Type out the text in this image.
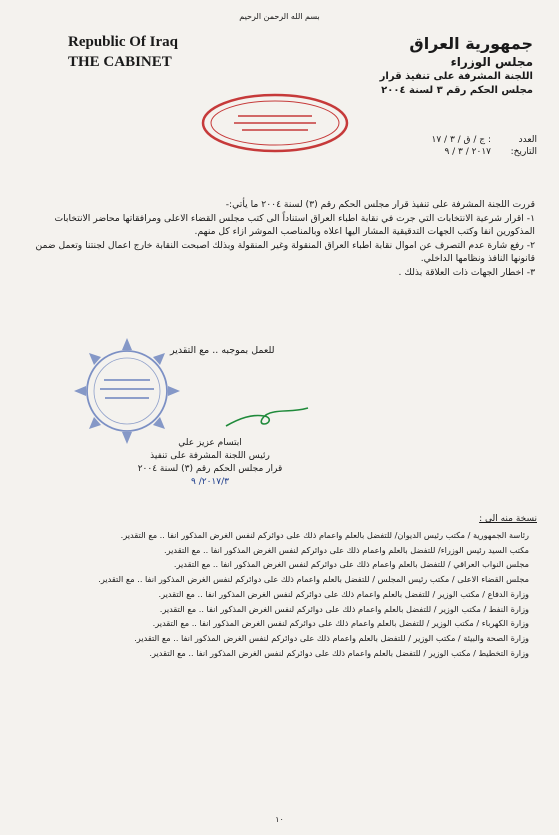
بسم الله الرحمن الرحيم
Republic Of Iraq
THE CABINET
جمهورية العراق
مجلس الوزراء
اللجنة المشرفة على تنفيذ قرار
مجلس الحكم رقم ٣ لسنة ٢٠٠٤
العدد
: ج / ق / ٣ / ١٧
التاريخ:
٢٠١٧ / ٣ / ٩

قررت اللجنة المشرفة على تنفيذ قرار مجلس الحكم رقم (٣) لسنة ٢٠٠٤ ما يأتي:-

١- اقرار شرعية الانتخابات التي جرت في نقابة اطباء العراق استناداً الى كتب مجلس القضاء الاعلى ومرافقاتها محاضر الانتخابات المذكورين انفا وكتب الجهات التدقيقية المشار اليها اعلاه وبالمناصب الموشر ازاء كل منهم.

٢- رفع شارة عدم التصرف عن اموال نقابة اطباء العراق المنقولة وغير المنقولة وبذلك اصبحت النقابة خارج اعمال لجنتنا وتعمل ضمن قانونها النافذ ونظامها الداخلي.

٣- اخطار الجهات ذات العلاقة بذلك .

للعمل بموجبه .. مع التقدير
ابتسام عزيز علي
رئيس اللجنة المشرفة على تنفيذ
قرار مجلس الحكم رقم (٣) لسنة ٢٠٠٤
٢٠١٧/٣/ ٩
نسخة منه الى :
رئاسة الجمهورية / مكتب رئيس الديوان/ للتفضل بالعلم واعمام ذلك على دوائركم لنفس الغرض المذكور انفا .. مع التقدير.
مكتب السيد رئيس الوزراء/ للتفضل بالعلم واعمام ذلك على دوائركم لنفس الغرض المذكور انفا .. مع التقدير.
مجلس النواب العراقي / للتفضل بالعلم واعمام ذلك على دوائركم لنفس الغرض المذكور انفا .. مع التقدير.
مجلس القضاء الاعلى / مكتب رئيس المجلس / للتفضل بالعلم واعمام ذلك على دوائركم لنفس الغرض المذكور انفا .. مع التقدير.
وزارة الدفاع / مكتب الوزير / للتفضل بالعلم واعمام ذلك على دوائركم لنفس الغرض المذكور انفا .. مع التقدير.
وزارة النفط / مكتب الوزير / للتفضل بالعلم واعمام ذلك على دوائركم لنفس الغرض المذكور انفا .. مع التقدير.
وزارة الكهرباء / مكتب الوزير / للتفضل بالعلم واعمام ذلك على دوائركم لنفس الغرض المذكور انفا .. مع التقدير.
وزارة الصحة والبيئة / مكتب الوزير / للتفضل بالعلم واعمام ذلك على دوائركم لنفس الغرض المذكور انفا .. مع التقدير.
وزارة التخطيط / مكتب الوزير / للتفضل بالعلم واعمام ذلك على دوائركم لنفس الغرض المذكور انفا .. مع التقدير.
١٠
